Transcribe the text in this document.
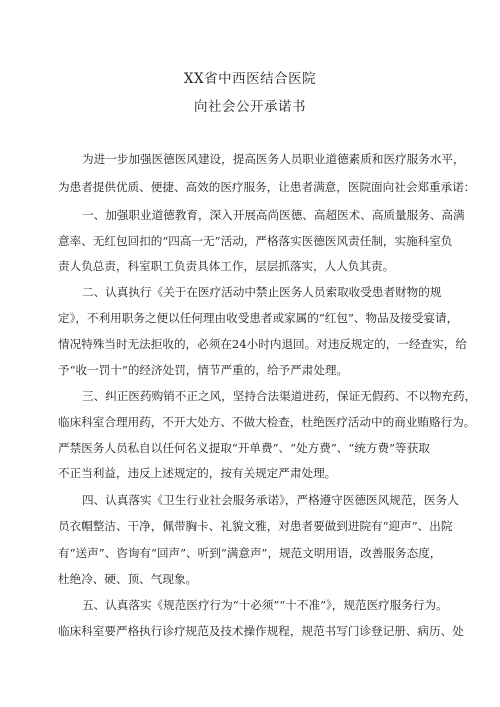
XX省中西医结合医院
向社会公开承诺书
为进一步加强医德医风建设，提高医务人员职业道德素质和医疗服务水平，
为患者提供优质、便捷、高效的医疗服务，让患者满意，医院面向社会郑重承诺：
一、加强职业道德教育，深入开展高尚医德、高超医术、高质量服务、高满
意率、无红包回扣的“四高一无”活动，严格落实医德医风责任制，实施科室负
责人负总责，科室职工负责具体工作，层层抓落实，人人负其责。
二、认真执行《关于在医疗活动中禁止医务人员索取收受患者财物的规
定》，不利用职务之便以任何理由收受患者或家属的“红包”、物品及接受宴请，
情况特殊当时无法拒收的，必须在24小时内退回。对违反规定的，一经查实，给
予“收一罚十”的经济处罚，情节严重的，给予严肃处理。
三、纠正医药购销不正之风，坚持合法渠道进药，保证无假药、不以物充药，
临床科室合理用药，不开大处方、不做大检查，杜绝医疗活动中的商业贿赂行为。
严禁医务人员私自以任何名义提取“开单费”、“处方费”、“统方费”等获取
不正当利益，违反上述规定的，按有关规定严肃处理。
四、认真落实《卫生行业社会服务承诺》，严格遵守医德医风规范，医务人
员衣帽整洁、干净，佩带胸卡、礼貌文雅，对患者要做到进院有“迎声”、出院
有“送声”、咨询有“回声”、听到“满意声”，规范文明用语，改善服务态度，
杜绝冷、硬、顶、气现象。
五、认真落实《规范医疗行为“十必须”“十不准”》，规范医疗服务行为。
临床科室要严格执行诊疗规范及技术操作规程，规范书写门诊登记册、病历、处
